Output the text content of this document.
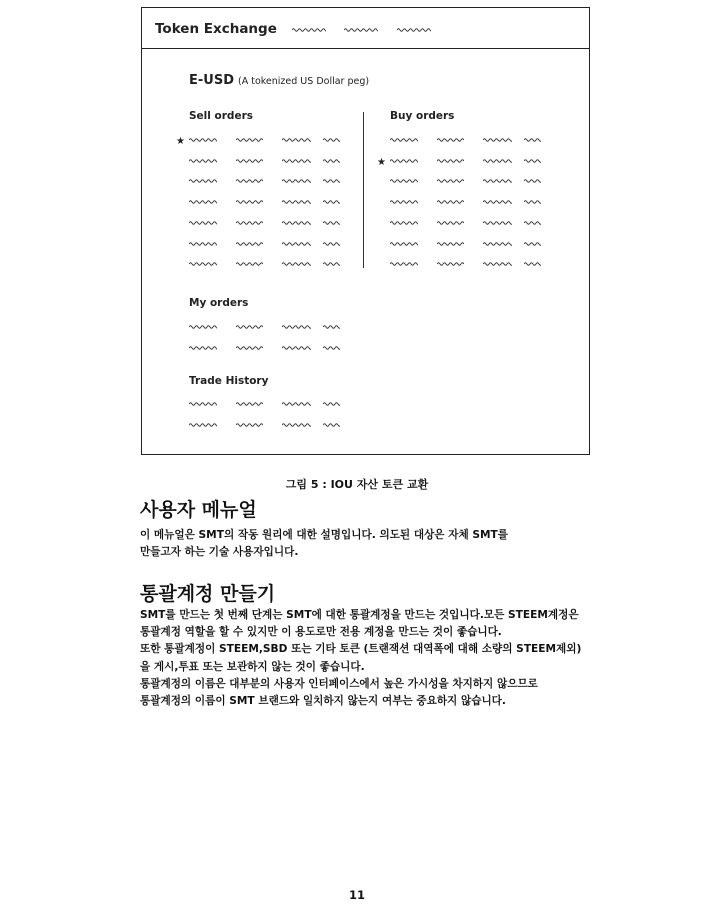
Token Exchange
E-USD (A tokenized US Dollar peg)
Sell orders	Buy orders
My orders
Trade History
★
★
그림 5 : IOU 자산 토큰 교환
사용자 메뉴얼
이 메뉴얼은 SMT의 작동 원리에 대한 설명입니다. 의도된 대상은 자체 SMT를
만들고자 하는 기술 사용자입니다.
통괄계정 만들기
SMT를 만드는 첫 번째 단계는 SMT에 대한 통괄계정을 만드는 것입니다.모든 STEEM계정은
통괄계정 역할을 할 수 있지만 이 용도로만 전용 계정을 만드는 것이 좋습니다.
또한 통괄계정이 STEEM,SBD 또는 기타 토큰 (트랜잭션 대역폭에 대해 소량의 STEEM제외)
을 게시,투표 또는 보관하지 않는 것이 좋습니다.
통괄계정의 이름은 대부분의 사용자 인터페이스에서 높은 가시성을 차지하지 않으므로
통괄계정의 이름이 SMT 브랜드와 일치하지 않는지 여부는 중요하지 않습니다.
11
